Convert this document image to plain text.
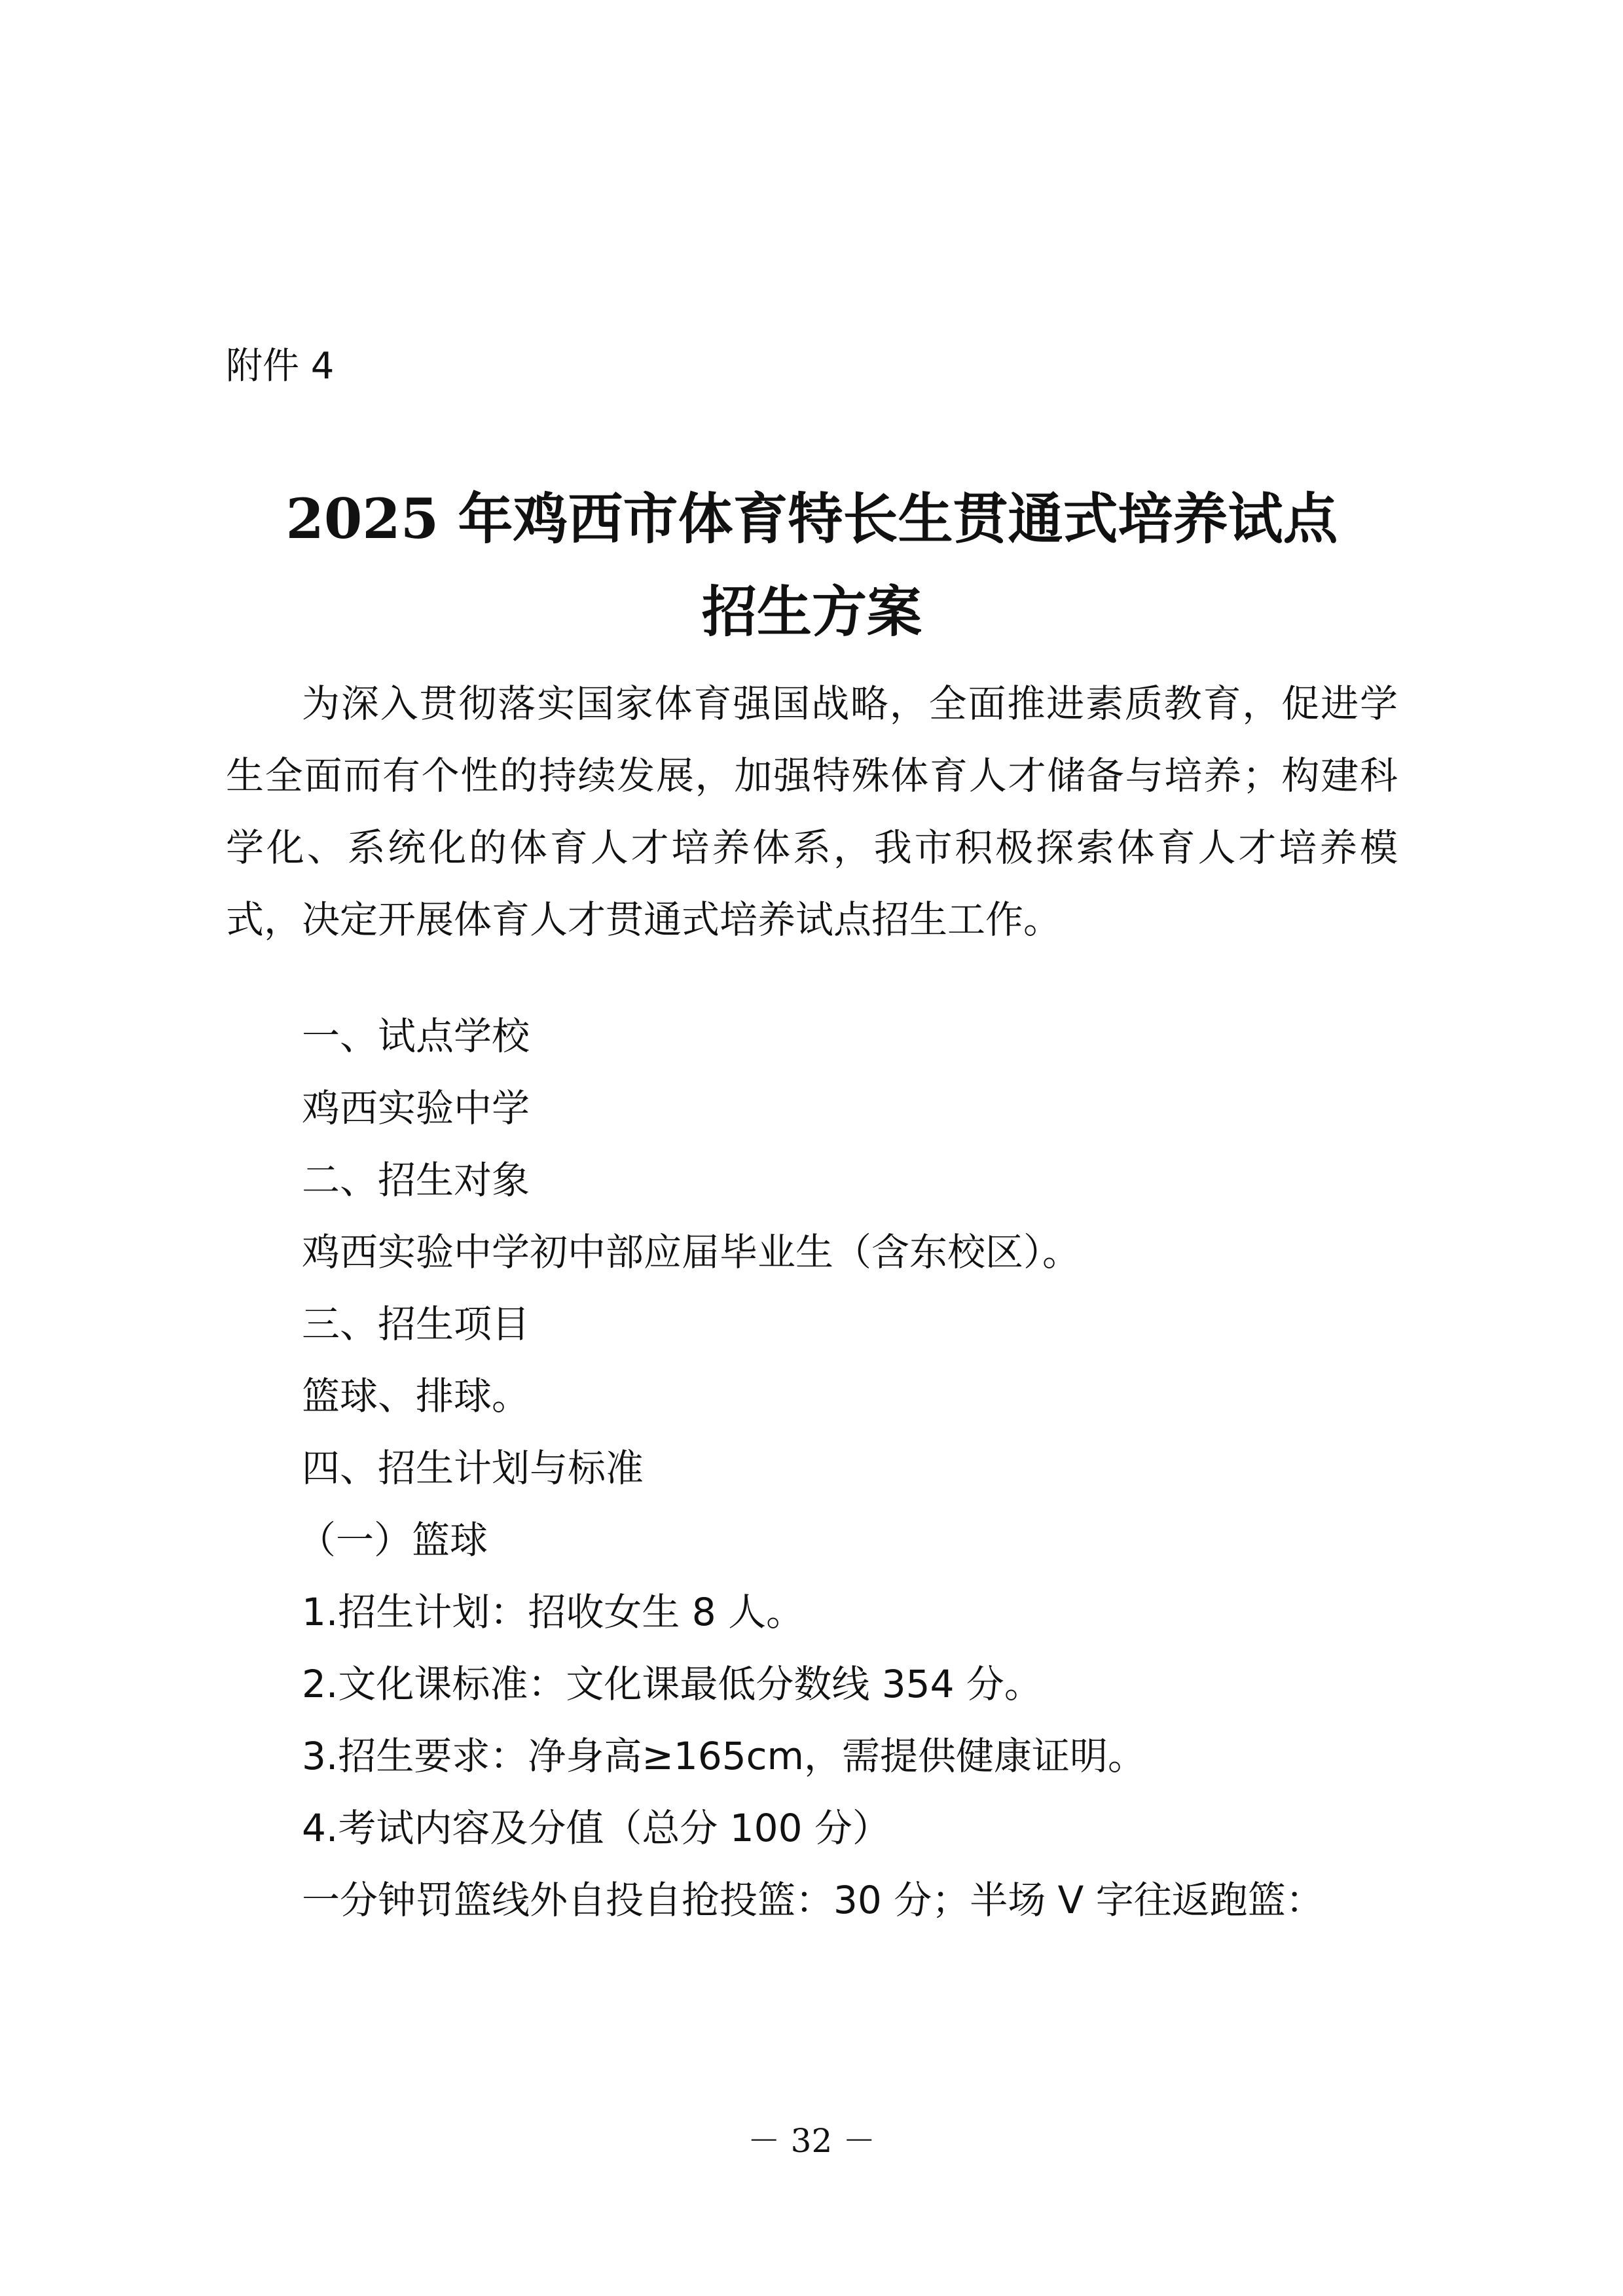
附件 4
2025 年鸡西市体育特长生贯通式培养试点
招生方案
为深入贯彻落实国家体育强国战略，全面推进素质教育，促进学生全面而有个性的持续发展，加强特殊体育人才储备与培养；构建科学化、系统化的体育人才培养体系，我市积极探索体育人才培养模式，决定开展体育人才贯通式培养试点招生工作。
一、试点学校
鸡西实验中学
二、招生对象
鸡西实验中学初中部应届毕业生（含东校区）。
三、招生项目
篮球、排球。
四、招生计划与标准
（一）篮球
1.招生计划：招收女生 8 人。
2.文化课标准：文化课最低分数线 354 分。
3.招生要求：净身高≥165cm，需提供健康证明。
4.考试内容及分值（总分 100 分）
一分钟罚篮线外自投自抢投篮：30 分；半场 V 字往返跑篮：
－ 32 －
